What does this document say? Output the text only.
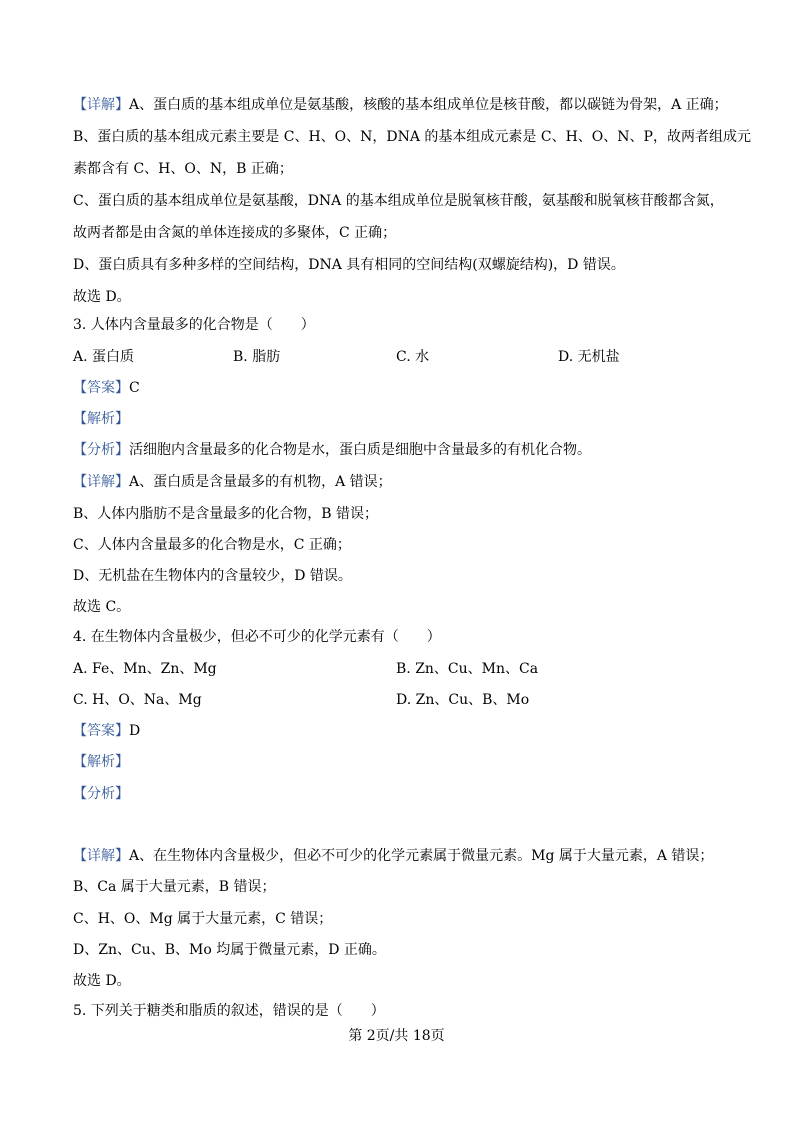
【详解】A、蛋白质的基本组成单位是氨基酸，核酸的基本组成单位是核苷酸，都以碳链为骨架，A 正确；
B、蛋白质的基本组成元素主要是 C、H、O、N，DNA 的基本组成元素是 C、H、O、N、P，故两者组成元
素都含有 C、H、O、N，B 正确；
C、蛋白质的基本组成单位是氨基酸，DNA 的基本组成单位是脱氧核苷酸，氨基酸和脱氧核苷酸都含氮，
故两者都是由含氮的单体连接成的多聚体，C 正确；
D、蛋白质具有多种多样的空间结构，DNA 具有相同的空间结构(双螺旋结构)，D 错误。
故选 D。
3. 人体内含量最多的化合物是（　　）
A. 蛋白质	B. 脂肪	C. 水	D. 无机盐
【答案】C
【解析】
【分析】活细胞内含量最多的化合物是水，蛋白质是细胞中含量最多的有机化合物。
【详解】A、蛋白质是含量最多的有机物，A 错误；
B、人体内脂肪不是含量最多的化合物，B 错误；
C、人体内含量最多的化合物是水，C 正确；
D、无机盐在生物体内的含量较少，D 错误。
故选 C。
4. 在生物体内含量极少，但必不可少的化学元素有（　　）
A. Fe、Mn、Zn、Mg	B. Zn、Cu、Mn、Ca
C. H、O、Na、Mg	D. Zn、Cu、B、Mo
【答案】D
【解析】
【分析】
【详解】A、在生物体内含量极少，但必不可少的化学元素属于微量元素。Mg 属于大量元素，A 错误；
B、Ca 属于大量元素，B 错误；
C、H、O、Mg 属于大量元素，C 错误；
D、Zn、Cu、B、Mo 均属于微量元素，D 正确。
故选 D。
5. 下列关于糖类和脂质的叙述，错误的是（　　）
第 2页/共 18页
